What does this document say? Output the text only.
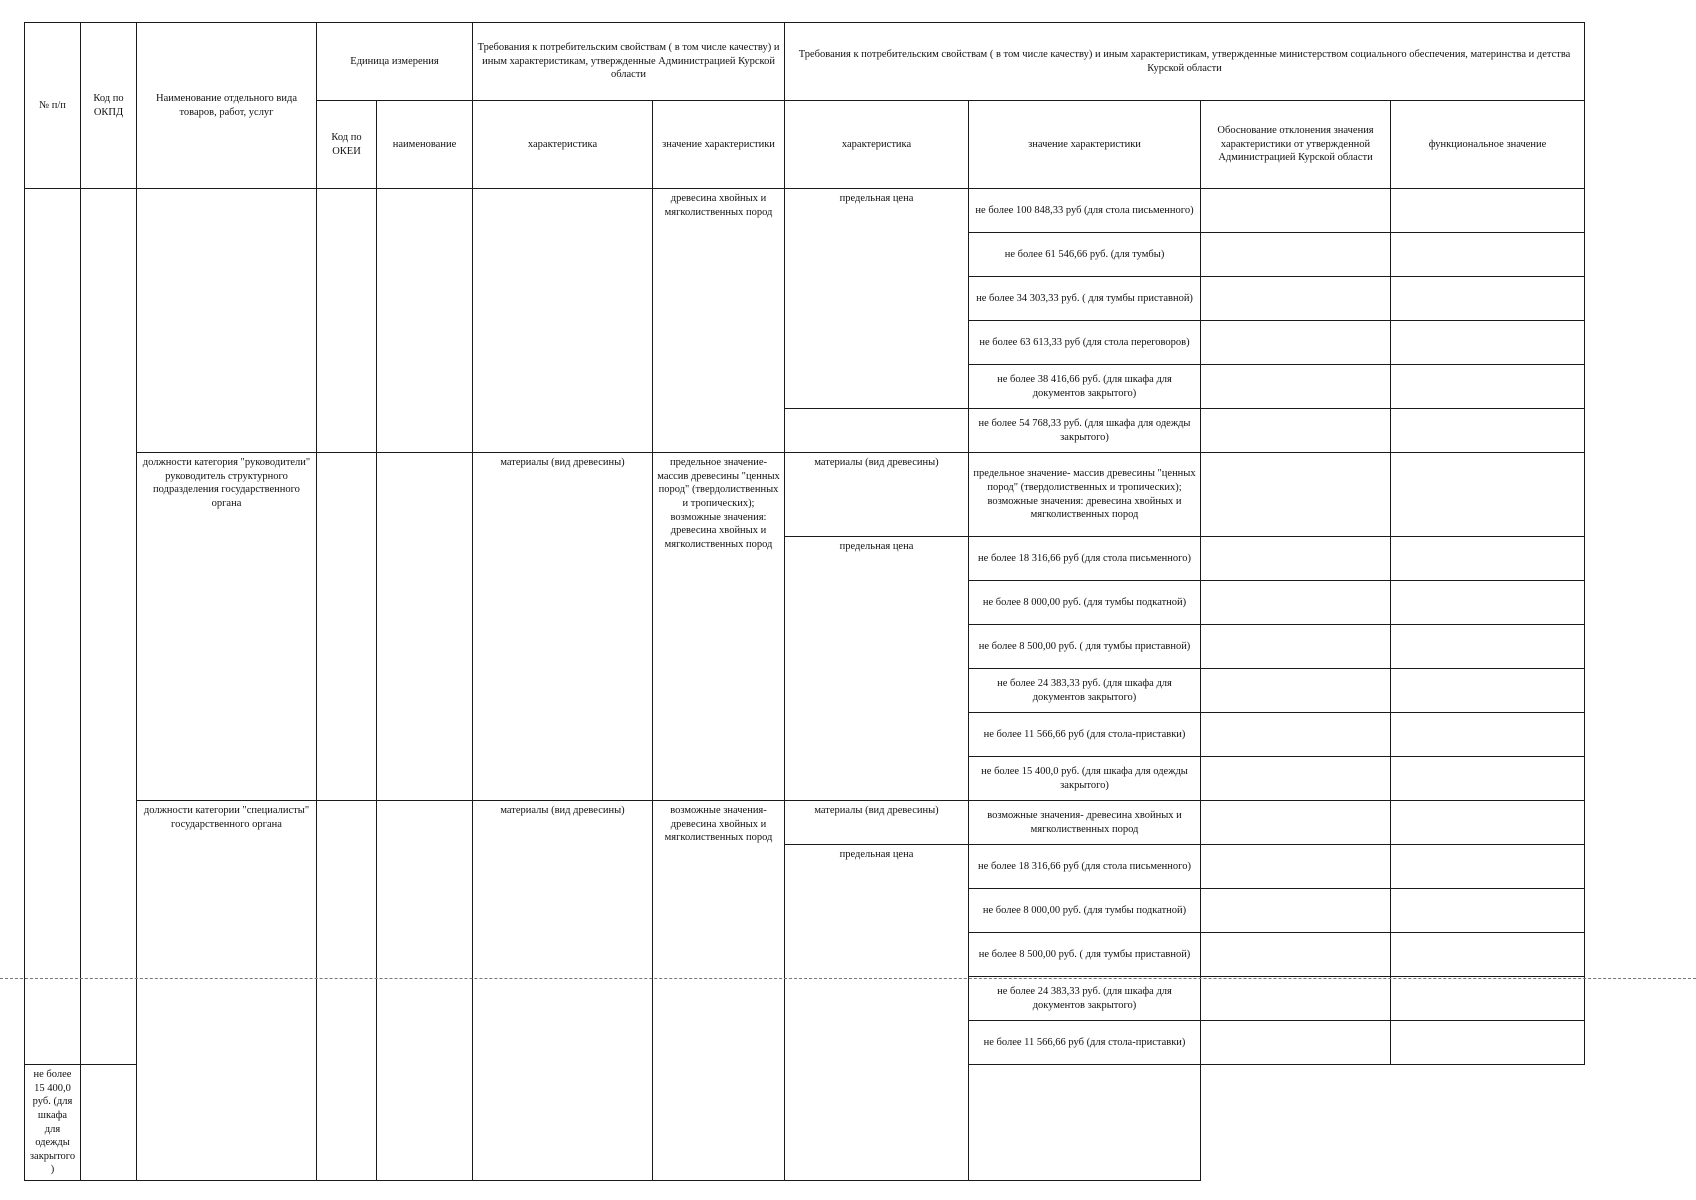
№ п/п	Код по ОКПД	Наименование отдельного вида товаров, работ, услуг	Единица измерения		Требования к потребительским свойствам ( в том числе качеству) и иным характеристикам, утвержденные Администрацией Курской области		Требования к потребительским свойствам ( в том числе качеству) и иным характеристикам, утвержденные министерством социального обеспечения, материнства и детства Курской области			
			Код по ОКЕИ	наименование	характеристика	значение характеристики	характеристика	значение характеристики	Обоснование отклонения значения характеристики от утвержденной Администрацией Курской области	функциональное значение
						древесина хвойных и мягколиственных пород	предельная цена	не более 100 848,33 руб (для стола письменного)		
								не более 61 546,66 руб. (для тумбы)		
								не более 34 303,33 руб. ( для тумбы приставной)		
								не более 63 613,33 руб (для стола переговоров)		
								не более 38 416,66 руб. (для шкафа для документов закрытого)		
								не более 54 768,33 руб. (для шкафа для одежды закрытого)		
		должности категория "руководители" руководитель структурного подразделения государственного органа			материалы (вид древесины)	предельное значение- массив древесины "ценных пород" (твердолиственных и тропических); возможные значения: древесина хвойных и мягколиственных пород	материалы (вид древесины)	предельное значение- массив древесины "ценных пород" (твердолиственных и тропических); возможные значения: древесина хвойных и мягколиственных пород		
							предельная цена	не более 18 316,66 руб (для стола письменного)		
								не более 8 000,00 руб. (для тумбы подкатной)		
								не более 8 500,00 руб. ( для тумбы приставной)		
								не более 24 383,33 руб. (для шкафа для документов закрытого)		
								не более 11 566,66 руб (для стола-приставки)		
								не более 15 400,0 руб. (для шкафа для одежды закрытого)		
		должности категории "специалисты" государственного органа			материалы (вид древесины)	возможные значения- древесина хвойных и мягколиственных пород	материалы (вид древесины)	возможные значения- древесина хвойных и мягколиственных пород		
							предельная цена	не более 18 316,66 руб (для стола письменного)		
								не более 8 000,00 руб. (для тумбы подкатной)		
								не более 8 500,00 руб. ( для тумбы приставной)		
								не более 24 383,33 руб. (для шкафа для документов закрытого)		
								не более 11 566,66 руб (для стола-приставки)		
не более 15 400,0 руб. (для шкафа для одежды закрытого)										
